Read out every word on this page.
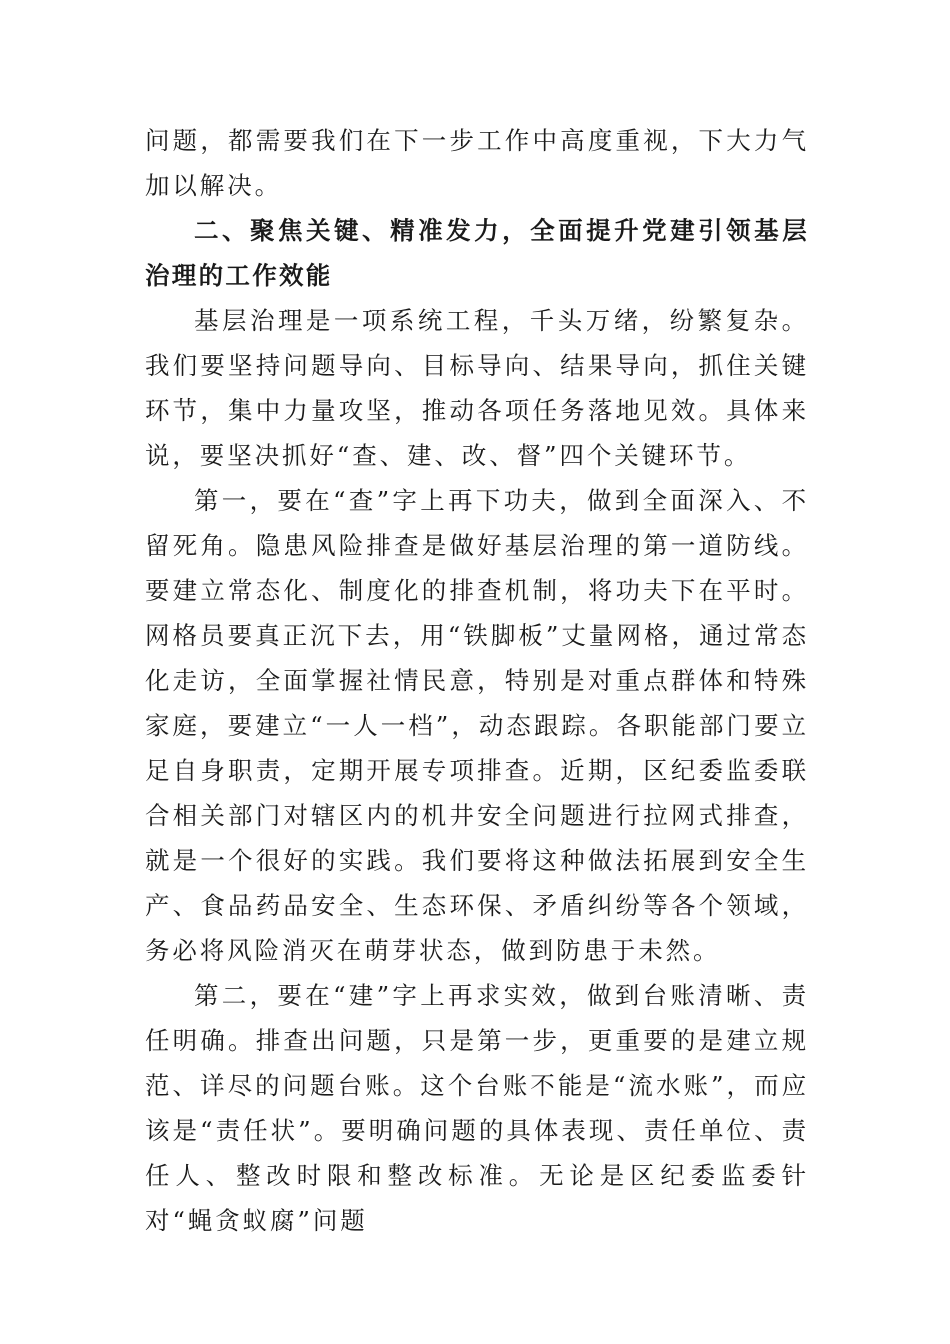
问题，都需要我们在下一步工作中高度重视，下大力气加以解决。

二、聚焦关键、精准发力，全面提升党建引领基层治理的工作效能

基层治理是一项系统工程，千头万绪，纷繁复杂。我们要坚持问题导向、目标导向、结果导向，抓住关键环节，集中力量攻坚，推动各项任务落地见效。具体来说，要坚决抓好“查、建、改、督”四个关键环节。

第一，要在“查”字上再下功夫，做到全面深入、不留死角。隐患风险排查是做好基层治理的第一道防线。要建立常态化、制度化的排查机制，将功夫下在平时。网格员要真正沉下去，用“铁脚板”丈量网格，通过常态化走访，全面掌握社情民意，特别是对重点群体和特殊家庭，要建立“一人一档”，动态跟踪。各职能部门要立足自身职责，定期开展专项排查。近期，区纪委监委联合相关部门对辖区内的机井安全问题进行拉网式排查，就是一个很好的实践。我们要将这种做法拓展到安全生产、食品药品安全、生态环保、矛盾纠纷等各个领域，务必将风险消灭在萌芽状态，做到防患于未然。

第二，要在“建”字上再求实效，做到台账清晰、责任明确。排查出问题，只是第一步，更重要的是建立规范、详尽的问题台账。这个台账不能是“流水账”，而应该是“责任状”。要明确问题的具体表现、责任单位、责任人、整改时限和整改标准。无论是区纪委监委针对“蝇贪蚁腐”问题
